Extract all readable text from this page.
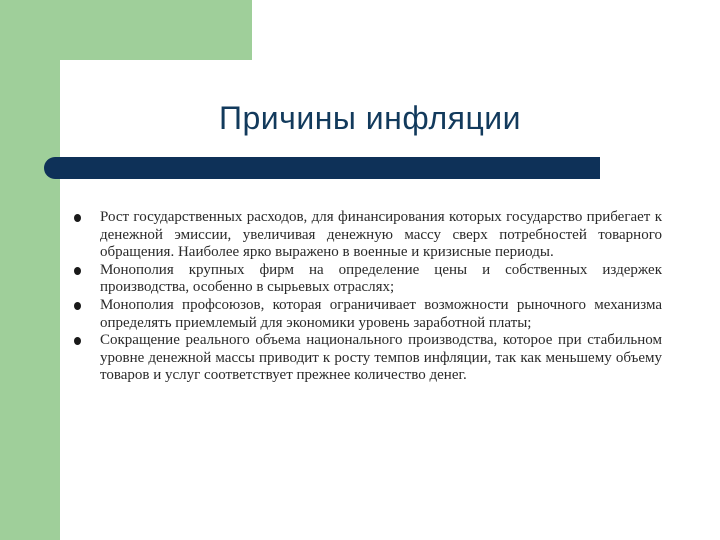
Причины инфляции
Рост государственных расходов, для финансирования которых государство прибегает к денежной эмиссии, увеличивая денежную массу сверх потребностей товарного обращения. Наиболее ярко выражено в военные и кризисные периоды.
Монополия крупных фирм на определение цены и собственных издержек производства, особенно в сырьевых отраслях;
Монополия профсоюзов, которая ограничивает возможности рыночного механизма определять приемлемый для экономики уровень заработной платы;
Сокращение реального объема национального производства, которое при стабильном уровне денежной массы приводит к росту темпов инфляции, так как меньшему объему товаров и услуг соответствует прежнее количество денег.
